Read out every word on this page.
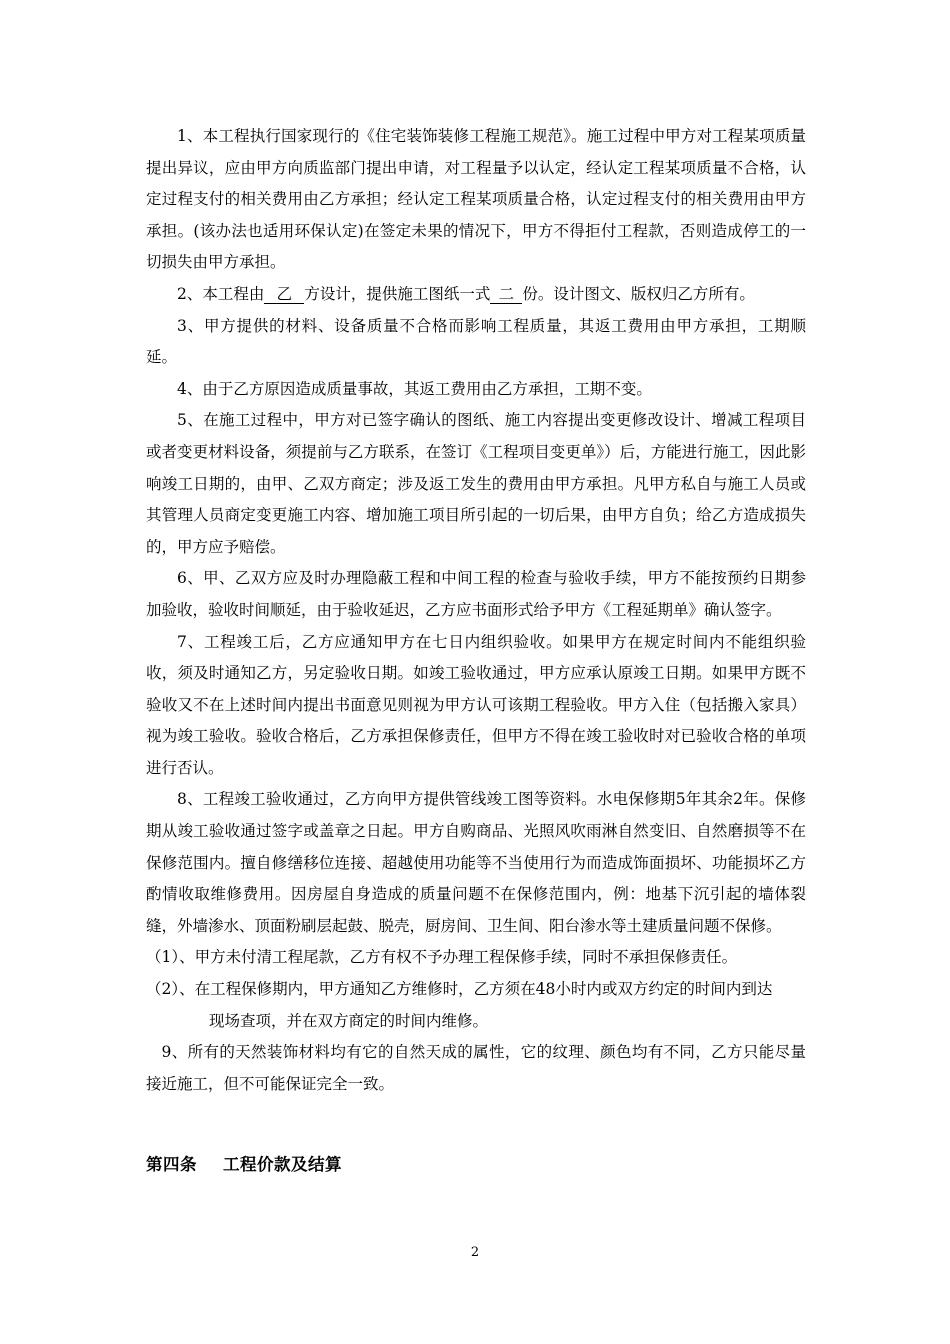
1、本工程执行国家现行的《住宅装饰装修工程施工规范》。施工过程中甲方对工程某项质量提出异议，应由甲方向质监部门提出申请，对工程量予以认定，经认定工程某项质量不合格，认定过程支付的相关费用由乙方承担；经认定工程某项质量合格，认定过程支付的相关费用由甲方承担。(该办法也适用环保认定)在签定未果的情况下，甲方不得拒付工程款，否则造成停工的一切损失由甲方承担。

2、本工程由 乙 方设计，提供施工图纸一式 二 份。设计图文、版权归乙方所有。

3、甲方提供的材料、设备质量不合格而影响工程质量，其返工费用由甲方承担，工期顺延。

4、由于乙方原因造成质量事故，其返工费用由乙方承担，工期不变。

5、在施工过程中，甲方对已签字确认的图纸、施工内容提出变更修改设计、增减工程项目或者变更材料设备，须提前与乙方联系，在签订《工程项目变更单》）后，方能进行施工，因此影响竣工日期的，由甲、乙双方商定；涉及返工发生的费用由甲方承担。凡甲方私自与施工人员或其管理人员商定变更施工内容、增加施工项目所引起的一切后果，由甲方自负；给乙方造成损失的，甲方应予赔偿。

6、甲、乙双方应及时办理隐蔽工程和中间工程的检查与验收手续，甲方不能按预约日期参加验收，验收时间顺延，由于验收延迟，乙方应书面形式给予甲方《工程延期单》确认签字。

7、工程竣工后，乙方应通知甲方在七日内组织验收。如果甲方在规定时间内不能组织验收，须及时通知乙方，另定验收日期。如竣工验收通过，甲方应承认原竣工日期。如果甲方既不验收又不在上述时间内提出书面意见则视为甲方认可该期工程验收。甲方入住（包括搬入家具）视为竣工验收。验收合格后，乙方承担保修责任，但甲方不得在竣工验收时对已验收合格的单项进行否认。

8、工程竣工验收通过，乙方向甲方提供管线竣工图等资料。水电保修期5年其余2年。保修期从竣工验收通过签字或盖章之日起。甲方自购商品、光照风吹雨淋自然变旧、自然磨损等不在保修范围内。擅自修缮移位连接、超越使用功能等不当使用行为而造成饰面损坏、功能损坏乙方酌情收取维修费用。因房屋自身造成的质量问题不在保修范围内，例：地基下沉引起的墙体裂缝，外墙渗水、顶面粉刷层起鼓、脱壳，厨房间、卫生间、阳台渗水等土建质量问题不保修。

（1）、甲方未付清工程尾款，乙方有权不予办理工程保修手续，同时不承担保修责任。

（2）、在工程保修期内，甲方通知乙方维修时，乙方须在48小时内或双方约定的时间内到达

现场查项，并在双方商定的时间内维修。

9、所有的天然装饰材料均有它的自然天成的属性，它的纹理、颜色均有不同，乙方只能尽量接近施工，但不可能保证完全一致。

第四条 工程价款及结算
2
